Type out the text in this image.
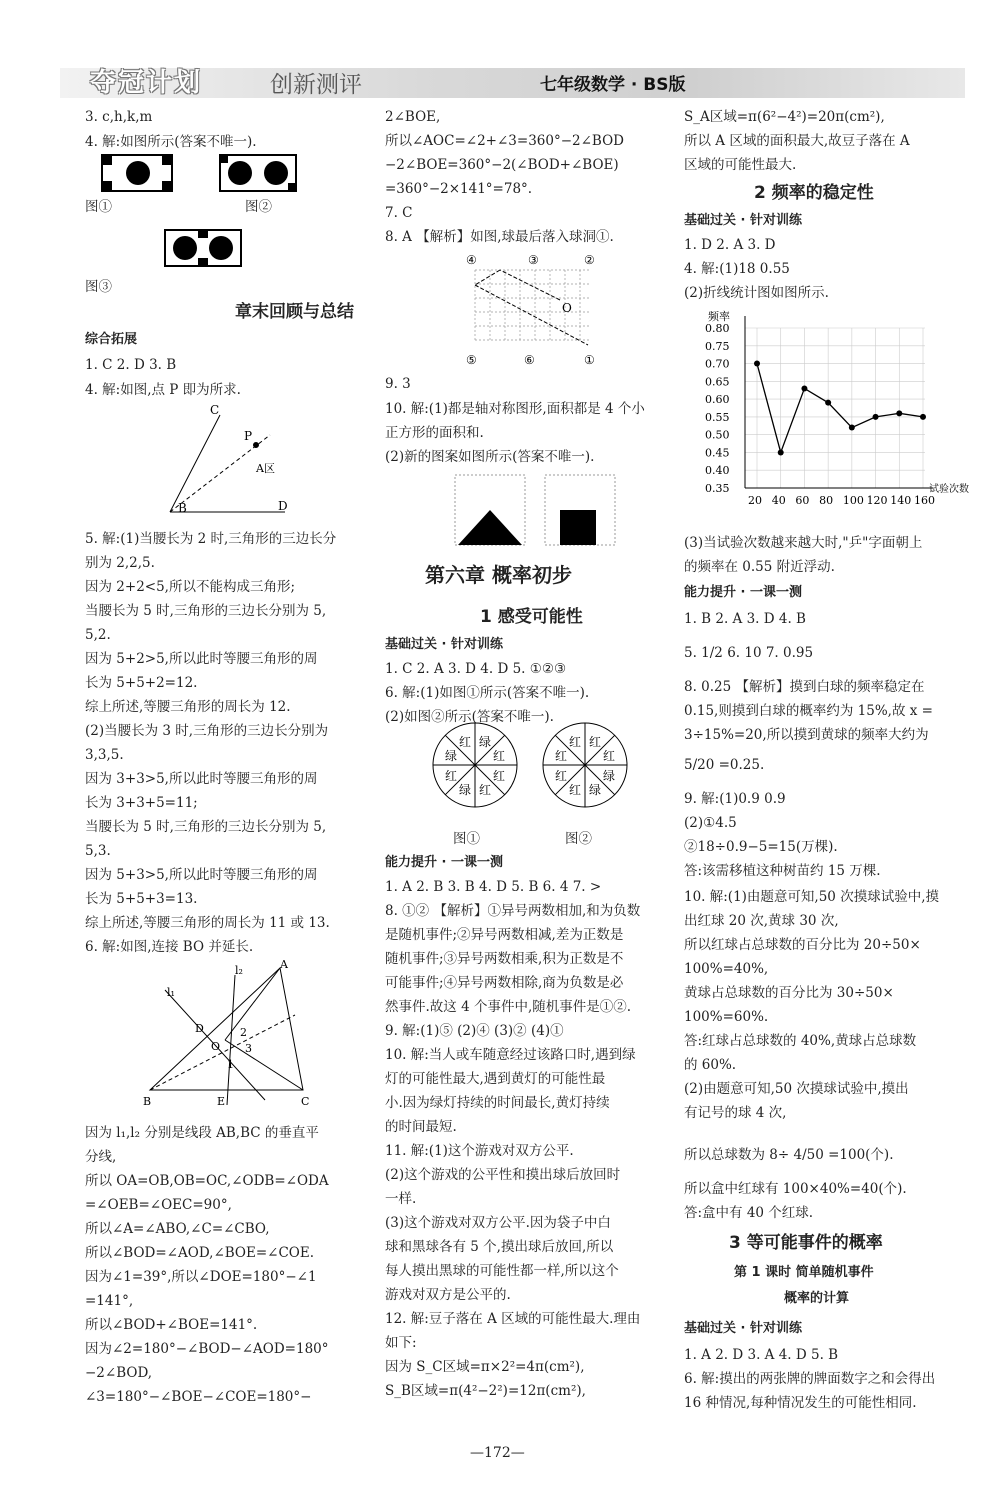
夺冠计划	创新测评	七年级数学 · BS版
3. c,h,k,m
4. 解:如图所示(答案不唯一).
图①
图③
章末回顾与总结
综合拓展
1. C 2. D 3. B
4. 解:如图,点 P 即为所求.
5. 解:(1)当腰长为 2 时,三角形的三边长分
别为 2,2,5.
因为 2+2<5,所以不能构成三角形;
当腰长为 5 时,三角形的三边长分别为 5,
5,2.
因为 5+2>5,所以此时等腰三角形的周
长为 5+5+2=12.
综上所述,等腰三角形的周长为 12.
(2)当腰长为 3 时,三角形的三边长分别为
3,3,5.
因为 3+3>5,所以此时等腰三角形的周
长为 3+3+5=11;
当腰长为 5 时,三角形的三边长分别为 5,
5,3.
因为 5+3>5,所以此时等腰三角形的周
长为 5+5+3=13.
综上所述,等腰三角形的周长为 11 或 13.
6. 解:如图,连接 BO 并延长.
因为 l₁,l₂ 分别是线段 AB,BC 的垂直平
分线,
所以 OA=OB,OB=OC,∠ODB=∠ODA
=∠OEB=∠OEC=90°,
所以∠A=∠ABO,∠C=∠CBO,
所以∠BOD=∠AOD,∠BOE=∠COE.
因为∠1=39°,所以∠DOE=180°−∠1
=141°,
所以∠BOD+∠BOE=141°.
因为∠2=180°−∠BOD−∠AOD=180°
−2∠BOD,
∠3=180°−∠BOE−∠COE=180°−
2∠BOE,
所以∠AOC=∠2+∠3=360°−2∠BOD
−2∠BOE=360°−2(∠BOD+∠BOE)
=360°−2×141°=78°.
7. C
8. A 【解析】如图,球最后落入球洞①.
9. 3
10. 解:(1)都是轴对称图形,面积都是 4 个小
正方形的面积和.
(2)新的图案如图所示(答案不唯一).
第六章 概率初步
1 感受可能性
基础过关 · 针对训练
1. C 2. A 3. D 4. D 5. ①②③
6. 解:(1)如图①所示(答案不唯一).
(2)如图②所示(答案不唯一).
图①	图②
能力提升 · 一课一测
1. A 2. B 3. B 4. D 5. B 6. 4 7. >
8. ①② 【解析】①异号两数相加,和为负数
是随机事件;②异号两数相减,差为正数是
随机事件;③异号两数相乘,积为正数是不
可能事件;④异号两数相除,商为负数是必
然事件.故这 4 个事件中,随机事件是①②.
9. 解:(1)⑤ (2)④ (3)② (4)①
10. 解:当人或车随意经过该路口时,遇到绿
灯的可能性最大,遇到黄灯的可能性最
小.因为绿灯持续的时间最长,黄灯持续
的时间最短.
11. 解:(1)这个游戏对双方公平.
(2)这个游戏的公平性和摸出球后放回时
一样.
(3)这个游戏对双方公平.因为袋子中白
球和黑球各有 5 个,摸出球后放回,所以
每人摸出黑球的可能性都一样,所以这个
游戏对双方是公平的.
12. 解:豆子落在 A 区域的可能性最大.理由
如下:
因为 S_C区域=π×2²=4π(cm²),
S_B区域=π(4²−2²)=12π(cm²),
S_A区域=π(6²−4²)=20π(cm²),
所以 A 区域的面积最大,故豆子落在 A
区域的可能性最大.
2 频率的稳定性
基础过关 · 针对训练
1. D 2. A 3. D
4. 解:(1)18 0.55
(2)折线统计图如图所示.
(3)当试验次数越来越大时,"乒"字面朝上
的频率在 0.55 附近浮动.
能力提升 · 一课一测
1. B 2. A 3. D 4. B
5. 1/2 6. 10 7. 0.95
8. 0.25 【解析】摸到白球的频率稳定在
0.15,则摸到白球的概率约为 15%,故 x =
3÷15%=20,所以摸到黄球的频率大约为
5/20 =0.25.
9. 解:(1)0.9 0.9
(2)①4.5
②18÷0.9−5=15(万棵).
答:该需移植这种树苗约 15 万棵.
10. 解:(1)由题意可知,50 次摸球试验中,摸
出红球 20 次,黄球 30 次,
所以红球占总球数的百分比为 20÷50×
100%=40%,
黄球占总球数的百分比为 30÷50×
100%=60%.
答:红球占总球数的 40%,黄球占总球数
的 60%.
(2)由题意可知,50 次摸球试验中,摸出
有记号的球 4 次,
所以总球数为 8÷ 4/50 =100(个).
所以盒中红球有 100×40%=40(个).
答:盒中有 40 个红球.
3 等可能事件的概率
第 1 课时 简单随机事件
概率的计算
基础过关 · 针对训练
1. A 2. D 3. A 4. D 5. B
6. 解:摸出的两张牌的牌面数字之和会得出
16 种情况,每种情况发生的可能性相同.
图②
C
P
A区
B	D
A
l₂
l₁
D
O
2
3
1
B	E	C
④	③	②
⑤	⑥	①
O
红
红
绿
红
绿
红 绿
红
绿
绿
红
红
红
红 红
红
0.35
0.40
0.45
0.50
0.55
0.60
0.65
0.70
0.75
0.80
20 40 60 80 100 120 140 160
频率
试验次数
—172—
